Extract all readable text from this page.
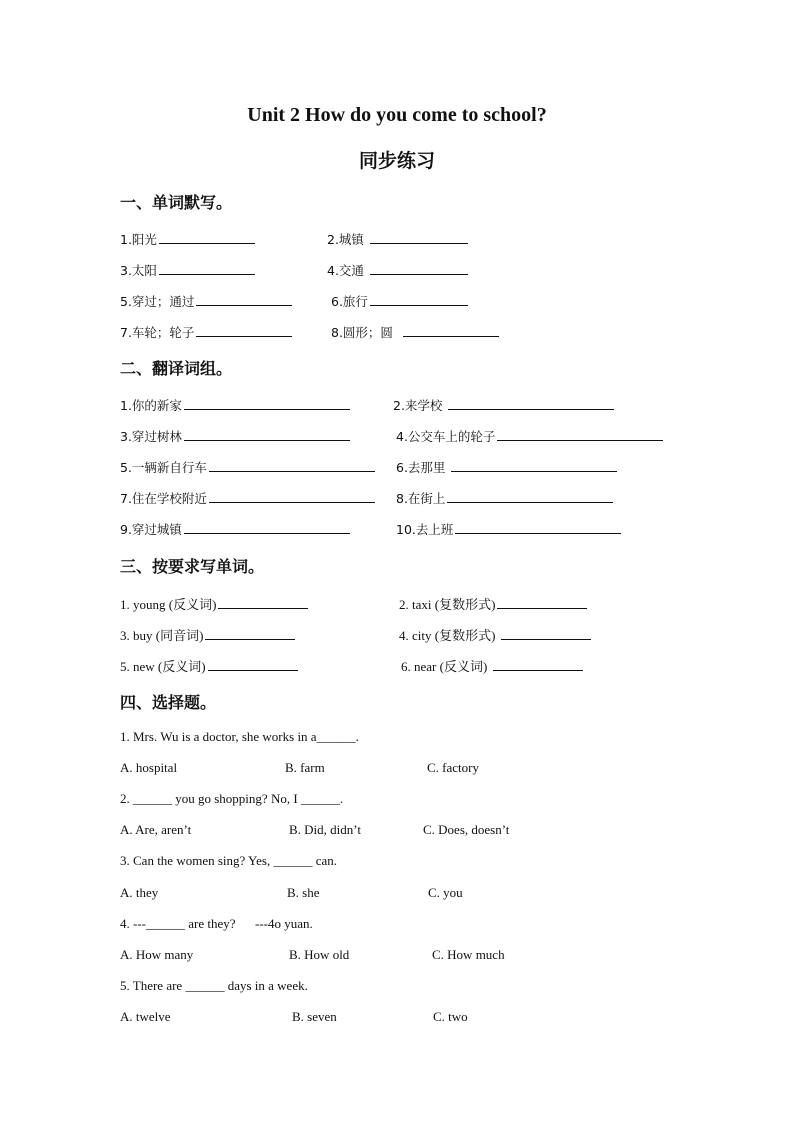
Unit 2 How do you come to school?
同步练习
一、单词默写。
1.阳光	2.城镇
3.太阳	4.交通
5.穿过；通过	6.旅行
7.车轮；轮子	8.圆形；圆
二、翻译词组。
1.你的新家	2.来学校
3.穿过树林	4.公交车上的轮子
5.一辆新自行车	6.去那里
7.住在学校附近	8.在街上
9.穿过城镇	10.去上班
三、按要求写单词。
1. young (反义词)	2. taxi (复数形式)
3. buy (同音词)	4. city (复数形式)
5. new (反义词)	6. near (反义词)
四、选择题。
1. Mrs. Wu is a doctor, she works in a______.
A. hospital	B. farm	C. factory
2. ______ you go shopping? No, I ______.
A. Are, aren’t	B. Did, didn’t	C. Does, doesn’t
3. Can the women sing? Yes, ______ can.
A. they	B. she	C. you
4. ---______ are they?      ---4o yuan.
A. How many	B. How old	C. How much
5. There are ______ days in a week.
A. twelve	B. seven	C. two
